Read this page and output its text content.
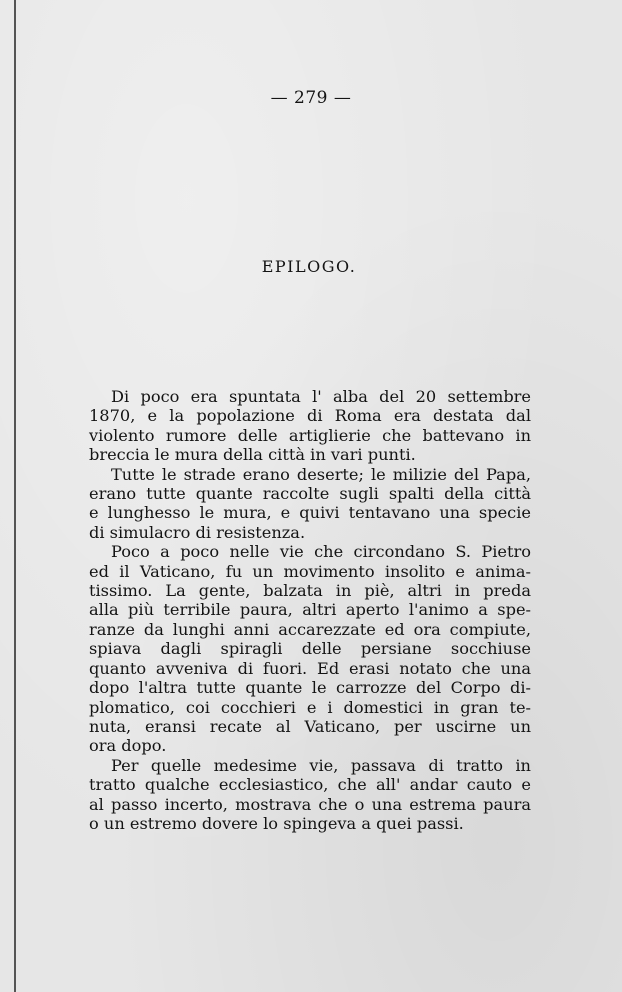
— 279 —
EPILOGO.
Di poco era spuntata l' alba del 20 settembre
1870, e la popolazione di Roma era destata dal
violento rumore delle artiglierie che battevano in
breccia le mura della città in vari punti.
Tutte le strade erano deserte; le milizie del Papa,
erano tutte quante raccolte sugli spalti della città
e lunghesso le mura, e quivi tentavano una specie
di simulacro di resistenza.
Poco a poco nelle vie che circondano S. Pietro
ed il Vaticano, fu un movimento insolito e anima-
tissimo. La gente, balzata in piè, altri in preda
alla più terribile paura, altri aperto l'animo a spe-
ranze da lunghi anni accarezzate ed ora compiute,
spiava dagli spiragli delle persiane socchiuse
quanto avveniva di fuori. Ed erasi notato che una
dopo l'altra tutte quante le carrozze del Corpo di-
plomatico, coi cocchieri e i domestici in gran te-
nuta, eransi recate al Vaticano, per uscirne un
ora dopo.
Per quelle medesime vie, passava di tratto in
tratto qualche ecclesiastico, che all' andar cauto e
al passo incerto, mostrava che o una estrema paura
o un estremo dovere lo spingeva a quei passi.
